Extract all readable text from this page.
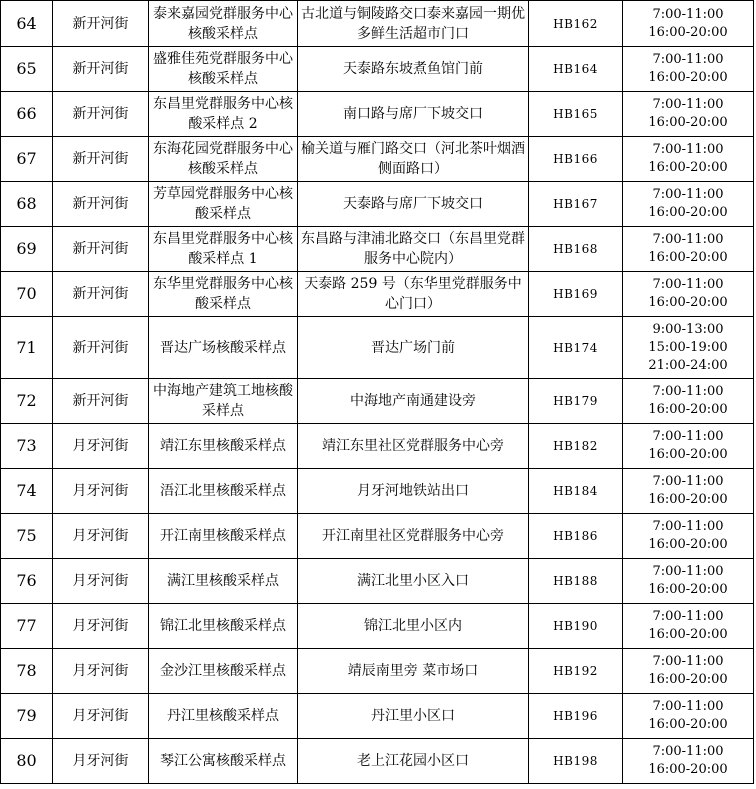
64	新开河街	泰来嘉园党群服务中心核酸采样点	古北道与铜陵路交口泰来嘉园一期优多鲜生活超市门口	HB162	7:00-11:00
16:00-20:00

65	新开河街	盛雅佳苑党群服务中心核酸采样点	天泰路东坡煮鱼馆门前	HB164	7:00-11:00
16:00-20:00

66	新开河街	东昌里党群服务中心核酸采样点 2	南口路与席厂下坡交口	HB165	7:00-11:00
16:00-20:00

67	新开河街	东海花园党群服务中心核酸采样点	榆关道与雁门路交口（河北茶叶烟酒侧面路口）	HB166	7:00-11:00
16:00-20:00

68	新开河街	芳草园党群服务中心核酸采样点	天泰路与席厂下坡交口	HB167	7:00-11:00
16:00-20:00

69	新开河街	东昌里党群服务中心核酸采样点 1	东昌路与津浦北路交口（东昌里党群服务中心院内）	HB168	7:00-11:00
16:00-20:00

70	新开河街	东华里党群服务中心核酸采样点	天泰路 259 号（东华里党群服务中心门口）	HB169	7:00-11:00
16:00-20:00

71	新开河街	晋达广场核酸采样点	晋达广场门前	HB174	9:00-13:00
15:00-19:00
21:00-24:00

72	新开河街	中海地产建筑工地核酸采样点	中海地产南通建设旁	HB179	7:00-11:00
16:00-20:00

73	月牙河街	靖江东里核酸采样点	靖江东里社区党群服务中心旁	HB182	7:00-11:00
16:00-20:00

74	月牙河街	浯江北里核酸采样点	月牙河地铁站出口	HB184	7:00-11:00
16:00-20:00

75	月牙河街	开江南里核酸采样点	开江南里社区党群服务中心旁	HB186	7:00-11:00
16:00-20:00

76	月牙河街	满江里核酸采样点	满江北里小区入口	HB188	7:00-11:00
16:00-20:00

77	月牙河街	锦江北里核酸采样点	锦江北里小区内	HB190	7:00-11:00
16:00-20:00

78	月牙河街	金沙江里核酸采样点	靖辰南里旁 菜市场口	HB192	7:00-11:00
16:00-20:00

79	月牙河街	丹江里核酸采样点	丹江里小区口	HB196	7:00-11:00
16:00-20:00

80	月牙河街	琴江公寓核酸采样点	老上江花园小区口	HB198	7:00-11:00
16:00-20:00
